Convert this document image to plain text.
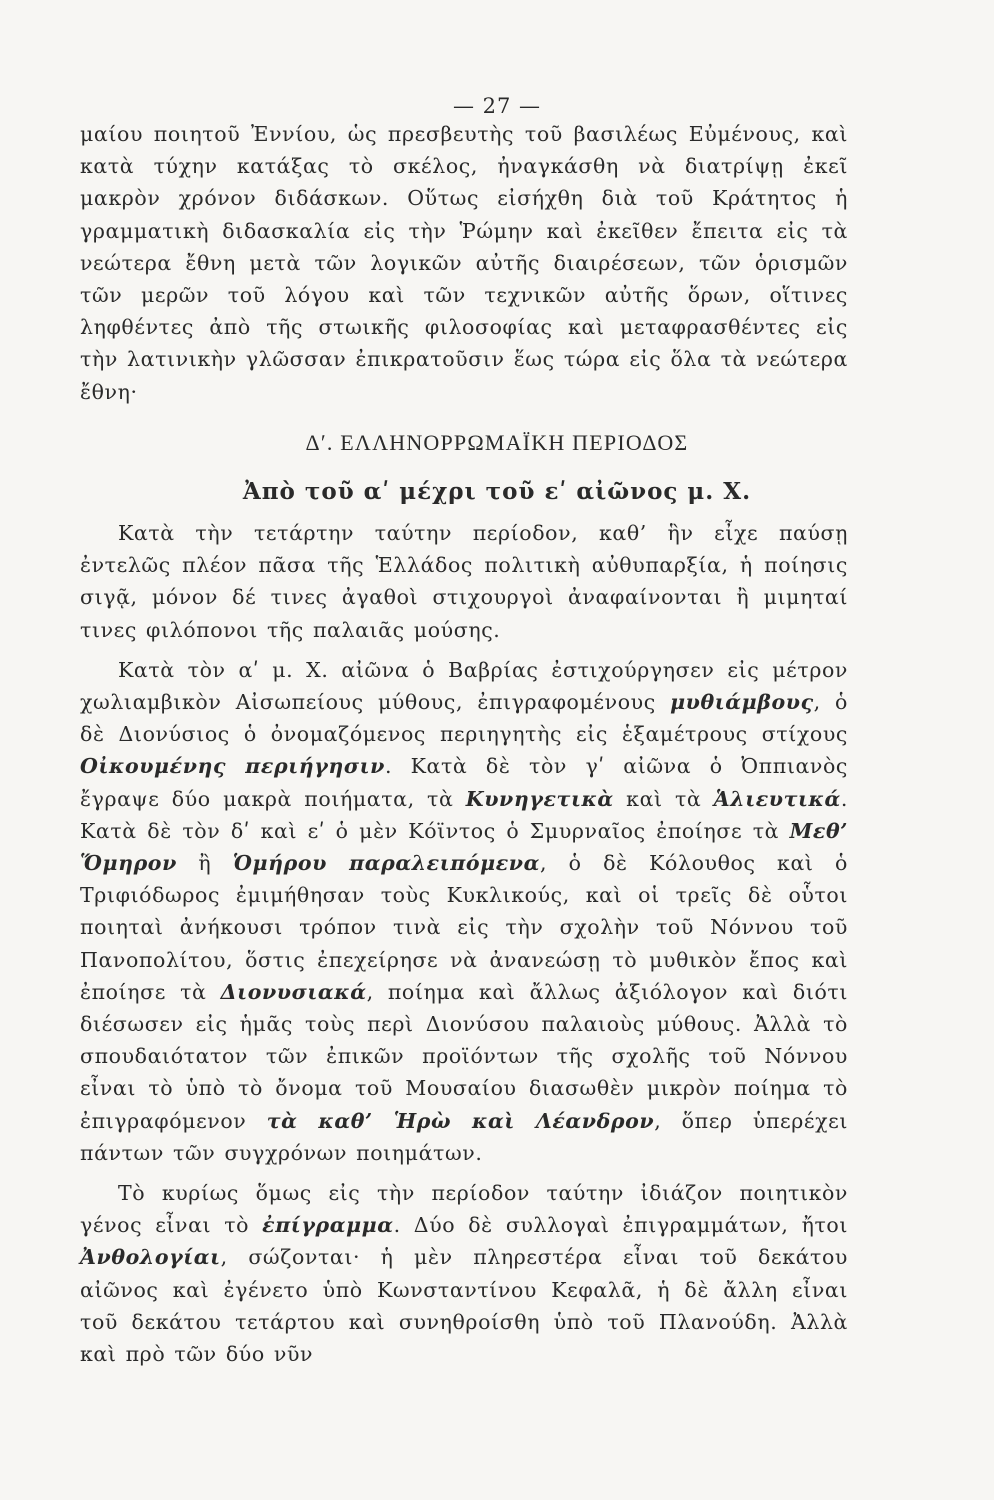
— 27 —

μαίου ποιητοῦ Ἐννίου, ὡς πρεσβευτὴς τοῦ βασιλέως Εὐμένους, καὶ κατὰ τύχην κατάξας τὸ σκέλος, ἠναγκάσθη νὰ διατρίψῃ ἐκεῖ μακρὸν χρόνον διδάσκων. Οὕτως εἰσήχθη διὰ τοῦ Κράτητος ἡ γραμματικὴ διδασκαλία εἰς τὴν Ῥώμην καὶ ἐκεῖθεν ἔπειτα εἰς τὰ νεώτερα ἔθνη μετὰ τῶν λογικῶν αὐτῆς διαιρέσεων, τῶν ὁρισμῶν τῶν μερῶν τοῦ λόγου καὶ τῶν τεχνικῶν αὐτῆς ὅρων, οἵτινες ληφθέντες ἀπὸ τῆς στωικῆς φιλοσοφίας καὶ μεταφρασθέντες εἰς τὴν λατινικὴν γλῶσσαν ἐπικρατοῦσιν ἕως τώρα εἰς ὅλα τὰ νεώτερα ἔθνη·

Δʹ. ΕΛΛΗΝΟΡΡΩΜΑΪΚΗ ΠΕΡΙΟΔΟΣ
Ἀπὸ τοῦ αʹ μέχρι τοῦ εʹ αἰῶνος μ. Χ.

Κατὰ τὴν τετάρτην ταύτην περίοδον, καθ’ ἣν εἶχε παύσῃ ἐντελῶς πλέον πᾶσα τῆς Ἑλλάδος πολιτικὴ αὐθυπαρξία, ἡ ποίησις σιγᾷ, μόνον δέ τινες ἀγαθοὶ στιχουργοὶ ἀναφαίνονται ἢ μιμηταί τινες φιλόπονοι τῆς παλαιᾶς μούσης.

Κατὰ τὸν αʹ μ. Χ. αἰῶνα ὁ Βαβρίας ἐστιχούργησεν εἰς μέτρον χωλιαμβικὸν Αἰσωπείους μύθους, ἐπιγραφομένους μυθιάμβους, ὁ δὲ Διονύσιος ὁ ὀνομαζόμενος περιηγητὴς εἰς ἑξαμέτρους στίχους Οἰκουμένης περιήγησιν. Κατὰ δὲ τὸν γʹ αἰῶνα ὁ Ὀππιανὸς ἔγραψε δύο μακρὰ ποιήματα, τὰ Κυνηγετικὰ καὶ τὰ Ἁλιευτικά. Κατὰ δὲ τὸν δʹ καὶ εʹ ὁ μὲν Κόϊντος ὁ Σμυρναῖος ἐποίησε τὰ Μεθ’ Ὅμηρον ἢ Ὁμήρου παραλειπόμενα, ὁ δὲ Κόλουθος καὶ ὁ Τριφιόδωρος ἐμιμήθησαν τοὺς Κυκλικούς, καὶ οἱ τρεῖς δὲ οὗτοι ποιηταὶ ἀνήκουσι τρόπον τινὰ εἰς τὴν σχολὴν τοῦ Νόννου τοῦ Πανοπολίτου, ὅστις ἐπεχείρησε νὰ ἀνανεώσῃ τὸ μυθικὸν ἔπος καὶ ἐποίησε τὰ Διονυσιακά, ποίημα καὶ ἄλλως ἀξιόλογον καὶ διότι διέσωσεν εἰς ἡμᾶς τοὺς περὶ Διονύσου παλαιοὺς μύθους. Ἀλλὰ τὸ σπουδαιότατον τῶν ἐπικῶν προϊόντων τῆς σχολῆς τοῦ Νόννου εἶναι τὸ ὑπὸ τὸ ὄνομα τοῦ Μουσαίου διασωθὲν μικρὸν ποίημα τὸ ἐπιγραφόμενον τὰ καθ’ Ἡρὼ καὶ Λέανδρον, ὅπερ ὑπερέχει πάντων τῶν συγχρόνων ποιημάτων.

Τὸ κυρίως ὅμως εἰς τὴν περίοδον ταύτην ἰδιάζον ποιητικὸν γένος εἶναι τὸ ἐπίγραμμα. Δύο δὲ συλλογαὶ ἐπιγραμμάτων, ἤτοι Ἀνθολογίαι, σώζονται· ἡ μὲν πληρεστέρα εἶναι τοῦ δεκάτου αἰῶνος καὶ ἐγένετο ὑπὸ Κωνσταντίνου Κεφαλᾶ, ἡ δὲ ἄλλη εἶναι τοῦ δεκάτου τετάρτου καὶ συνηθροίσθη ὑπὸ τοῦ Πλανούδη. Ἀλλὰ καὶ πρὸ τῶν δύο νῦν
